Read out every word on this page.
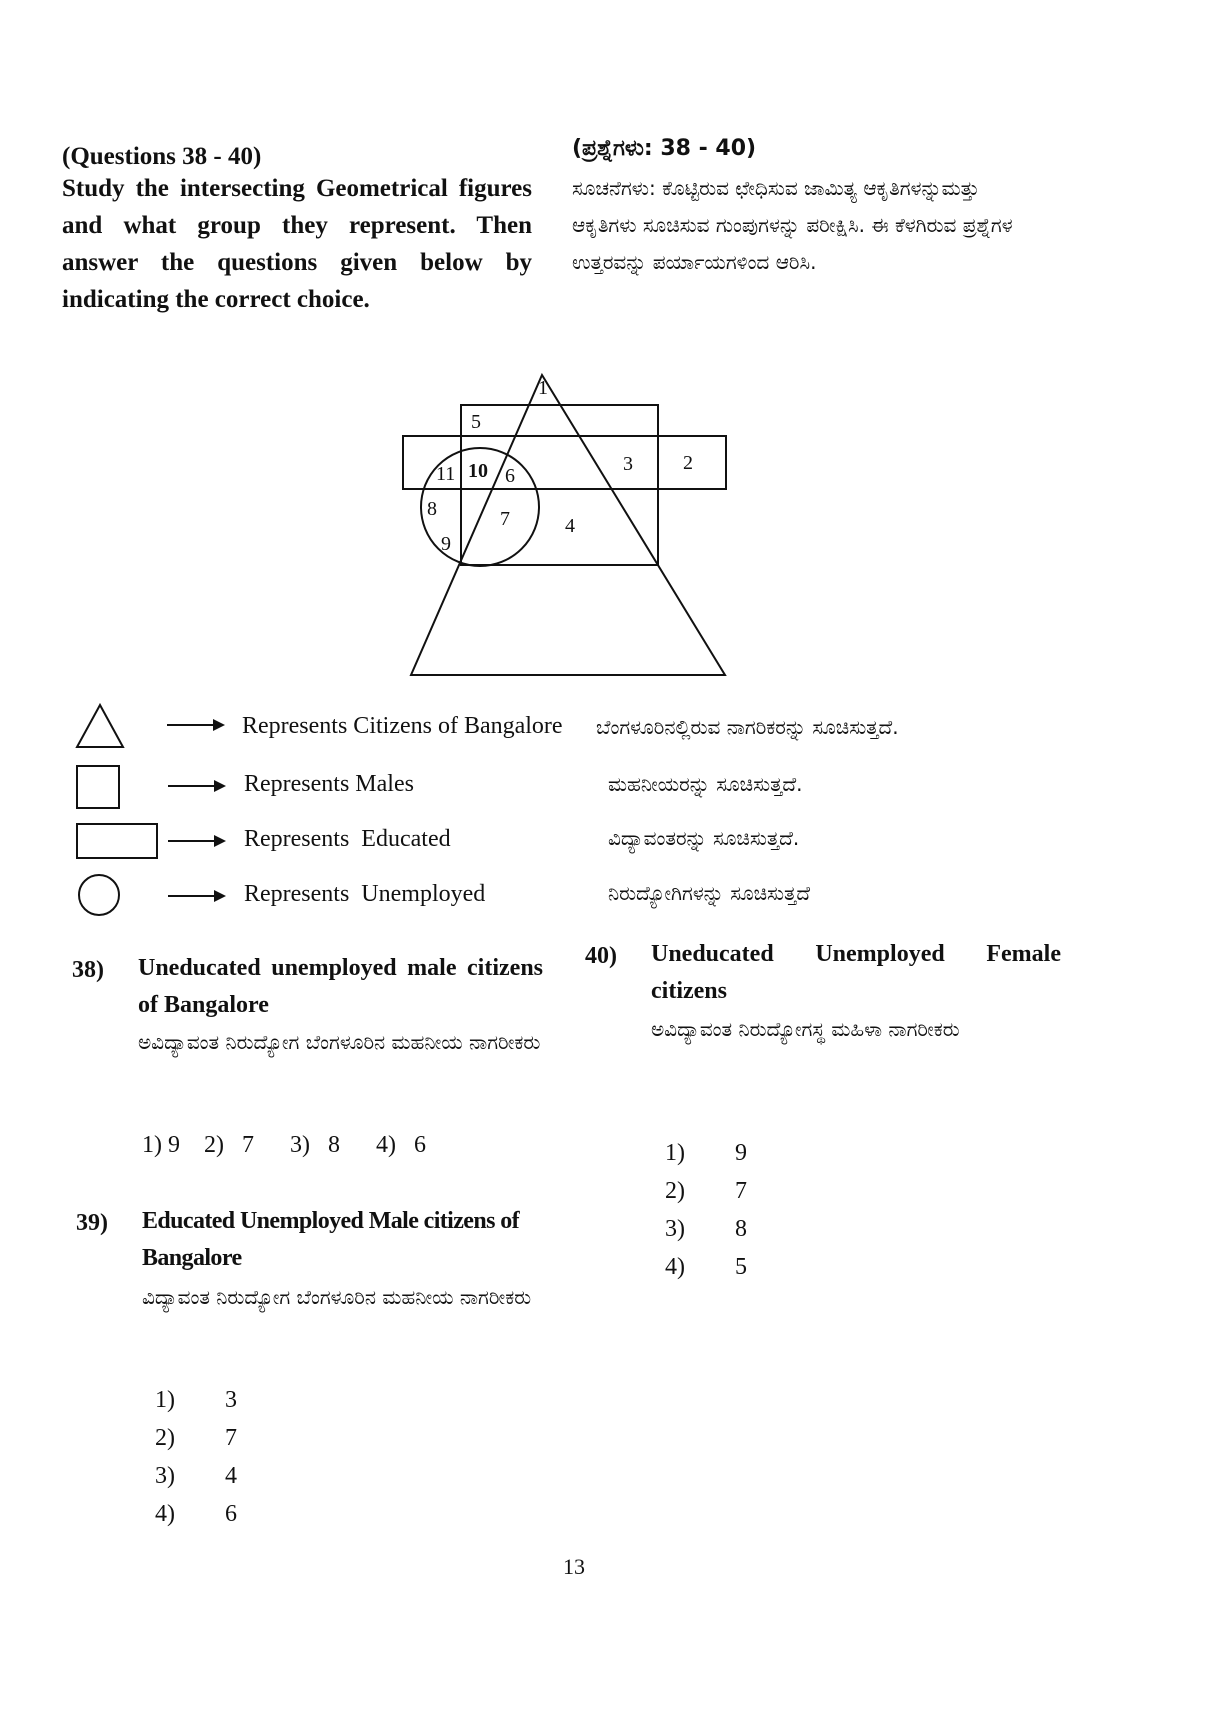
(Questions 38 - 40)
Study the intersecting Geometrical figures and what group they represent. Then answer the questions given below by indicating the correct choice.
(ಪ್ರಶ್ನೆಗಳು: 38 - 40)
ಸೂಚನೆಗಳು: ಕೊಟ್ಟಿರುವ ಛೇಧಿಸುವ ಜಾಮಿತ್ಯ ಆಕೃತಿಗಳನ್ನುಮತ್ತು ಆಕೃತಿಗಳು ಸೂಚಿಸುವ ಗುಂಪುಗಳನ್ನು ಪರೀಕ್ಷಿಸಿ. ಈ ಕೆಳಗಿರುವ ಪ್ರಶ್ನೆಗಳ ಉತ್ತರವನ್ನು ಪರ್ಯಾಯಗಳಿಂದ ಆರಿಸಿ.
1
5
11 10 6
3	2
8	7	4
9
Represents Citizens of Bangalore
Represents Males
Represents  Educated
Represents  Unemployed
ಬೆಂಗಳೂರಿನಲ್ಲಿರುವ ನಾಗರಿಕರನ್ನು ಸೂಚಿಸುತ್ತದೆ.
ಮಹನೀಯರನ್ನು ಸೂಚಿಸುತ್ತದೆ.
ವಿದ್ಯಾವಂತರನ್ನು ಸೂಚಿಸುತ್ತದೆ.
ನಿರುದ್ಯೋಗಿಗಳನ್ನು ಸೂಚಿಸುತ್ತದೆ
38) Uneducated unemployed male citizens of Bangalore
ಅವಿದ್ಯಾವಂತ ನಿರುದ್ಯೋಗ ಬೆಂಗಳೂರಿನ ಮಹನೀಯ ನಾಗರೀಕರು
1) 9    2)   7      3)   8      4)   6
39) Educated Unemployed Male citizens of Bangalore
ವಿದ್ಯಾವಂತ ನಿರುದ್ಯೋಗ ಬೆಂಗಳೂರಿನ ಮಹನೀಯ ನಾಗರೀಕರು
1) 3
2) 7
3) 4
4) 6
40) Uneducated Unemployed Female citizens
ಅವಿದ್ಯಾವಂತ ನಿರುದ್ಯೋಗಸ್ಥ ಮಹಿಳಾ ನಾಗರೀಕರು
1) 9
2) 7
3) 8
4) 5
13
